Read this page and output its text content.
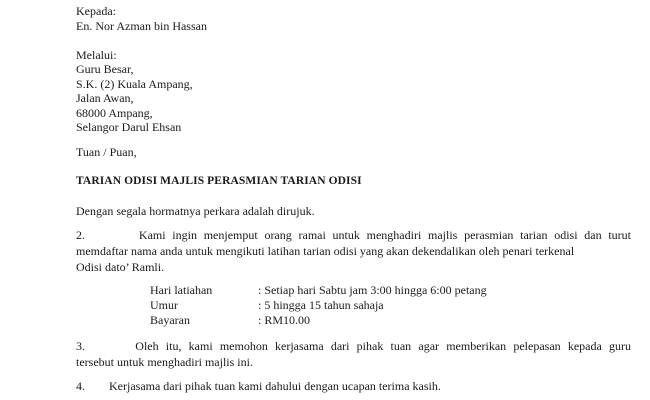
Kepada:
En. Nor Azman bin Hassan
Melalui:
Guru Besar,
S.K. (2) Kuala Ampang,
Jalan Awan,
68000 Ampang,
Selangor Darul Ehsan
Tuan / Puan,
TARIAN ODISI MAJLIS PERASMIAN TARIAN ODISI
Dengan segala hormatnya perkara adalah dirujuk.
2.	Kami ingin menjemput orang ramai untuk menghadiri majlis perasmian tarian odisi dan turut
memdaftar nama anda untuk mengikuti latihan tarian odisi yang akan dekendalikan oleh penari terkenal
Odisi dato’ Ramli.
Hari latiahan	: Setiap hari Sabtu jam 3:00 hingga 6:00 petang
Umur	: 5 hingga 15 tahun sahaja
Bayaran	: RM10.00
3.	Oleh itu, kami memohon kerjasama dari pihak tuan agar memberikan pelepasan kepada guru
tersebut untuk menghadiri majlis ini.
4. Kerjasama dari pihak tuan kami dahului dengan ucapan terima kasih.
